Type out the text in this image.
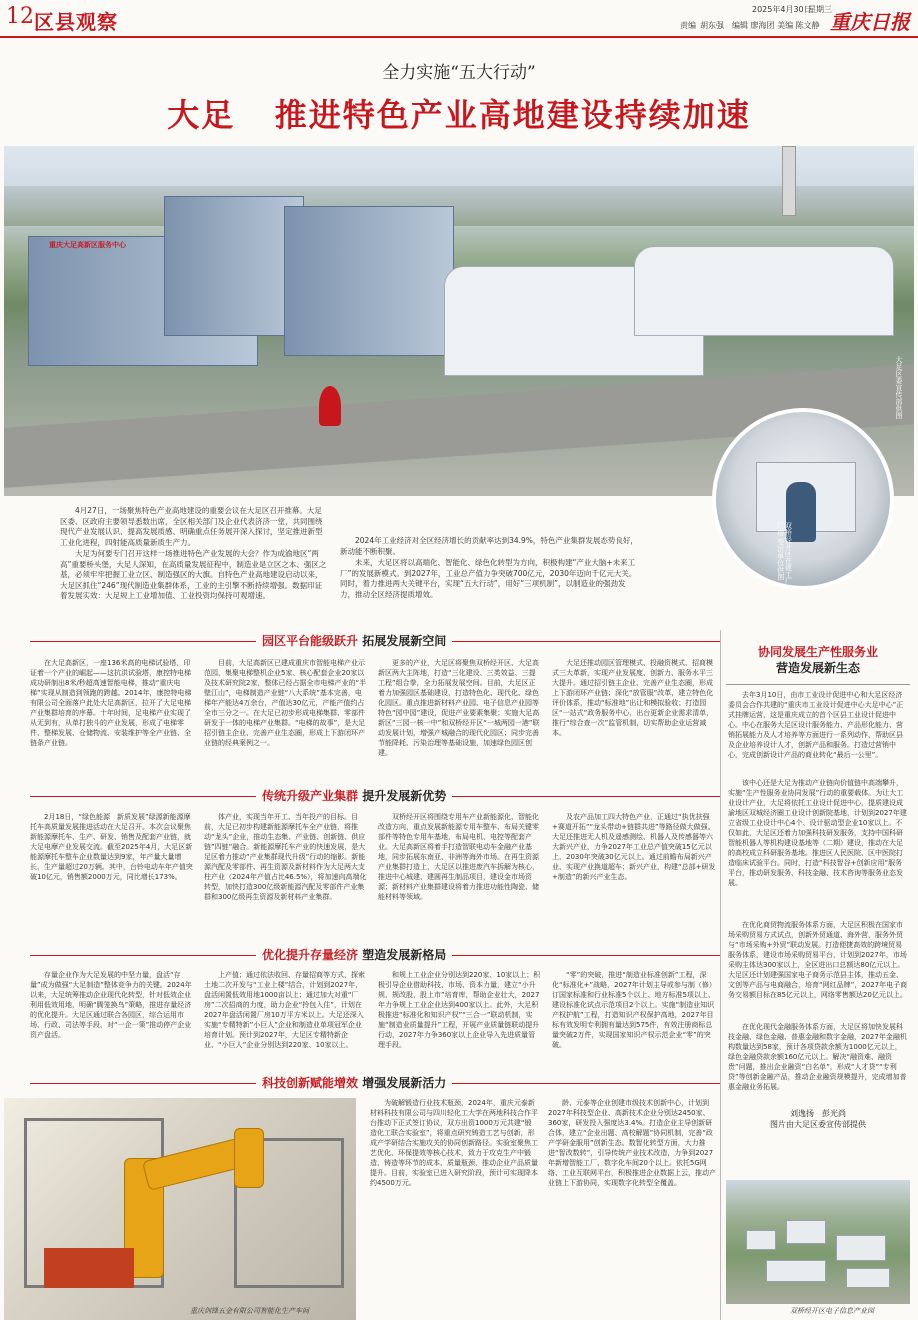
12 区县观察
2025年4月30日
星期三
责编 胡东强　编辑 廖海团 美编 陈文静 重庆日报
全力实施“五大行动”
大足 推进特色产业高地建设持续加速
重庆大足高新区服务中心
大足区委宣传部供图
双桥经开区在建工厂厂房 受访单位供图

4月27日，一场聚焦特色产业高地建设的重要会议在大足区召开推幕。大足区委、区政府主要领导悉数出席，全区相关部门及企业代表济济一堂，共同围绕现代产业发展认识、提高发展质感、明确重点任务展开深入探讨，坚定推进新型工业化进程，四射能高质量新质生产力。

大足为何要专门召开这样一场推进特色产业发展的大会？作为成渝地区“两高”重要桥头堡，大足人深知，在高质量发展征程中，制造业是立区之本、强区之基，必须牢牢把握工业立区、制造强区的大旗。自特色产业高地建设启动以来，大足区抓住“246”现代制造业集群体系，工业的主引擎不断持续增强。数据印证着发展实效：大足规上工业增加值、工业投资均保持可观增速。

2024年工业经济对全区经济增长的贡献率达到34.9%，特色产业集群发展态势良好，新动能不断积聚。

未来，大足区将以高端化、智能化、绿色化转型为方向，积极构建“产业大脑+未来工厂”的发展新模式。到2027年，工业总产值力争突破700亿元，2030年迈向千亿元大关。同时，着力推进两大关键平台，实现“五大行动”，用好“三项机制”，以制造业的强劲发力，推动全区经济提质增效。

园区平台能级跃升 拓展发展新空间

在大足高新区，一座136米高的电梯试验塔，印证着一个产业的崛起——这抗洪试验塔，康控特电梯成功研制出8米/秒超高速智能电梯，推动“重庆电梯”实现从制造到领跑的跨越。2014年，康控特电梯有限公司全面落户此处大足高新区，拉开了大足电梯产业集群培育的序幕。十年时间，足电梯产业实现了从无到有，从单打独斗的产业发展，形成了电梯零件、整梯发展、仓储物流、安装维护等全产业链、全链条产业链。

目前，大足高新区已建成重庆市智能电梯产业示范园，集聚电梯整机企业5家、核心配套企业20家以及技术研究院2家，整体已经占据全市电梯产业的“半壁江山”，电梯制造产业链“八大系统”基本完善，电梯年产能达4万余台，产值达30亿元，产能产值约占全市三分之一。在大足已初步形成电梯集群、零部件研发于一体的电梯产业集群。“电梯的故事”，是大足招引链主企业、完善产业生态圈，形成上下游闭环产业链的经典案例之一。

更多的产业，大足区将聚焦双桥经开区、大足高新区两大主阵地，打造“三化建设、三类效益、三提工程”组合拳，全力拓展发展空间。目前，大足区正着力加强园区基础建设，打造特色化、现代化、绿色化园区。重点推进新材料产业园、电子信息产业园等特色“园中园”建设，促进产业要素集聚；实施大足高新区“三园一核一中”和双桥经开区“一城两园一港”联动发展计划，增强产城融合的现代化园区；同步完善节能降耗、污染治理等基础设施，加速绿色园区创建。

大足还推动园区管理模式、投融资模式、招商模式三大革新，实现产业发展度、创新力、服务水平三大提升。通过招引链主企业、完善产业生态圈，形成上下游闭环产业链；深化“放管服”改革，建立特色化评价体系，推动“标准地”出让和模拟验收；打造园区“一站式”政务服务中心，出台更新企业需求清单，推行“综合查一次”监管机制，切实帮助企业运营减本。

传统升级产业集群 提升发展新优势

2月18日，“绿色能源　新质发展”绿源新能源摩托车高质量发展推进活动在大足召开。本次会议聚焦新能源摩托车、生产、研发、销售及配套产业链，就大足电摩产业发展交流。截至2025年4月，大足区新能源摩托车整车企业数量达到9家，年产量大量增长，生产量超过20万辆。其中，台铃电动车年产值突破10亿元，销售额2000万元，同比增长173%。

体产业，实现当年开工、当年投产的目标。目前，大足已初步构建新能源摩托车全产业链，将推动“龙头“企业，推动生态集、产业链、创新链、供应链”四链”融合。新能源摩托车产业的快速发展，是大足区着力推动“产业集群现代升级”行动的缩影。新能源汽配及零部件、再生资源及新材料作为大足两大支柱产业（2024年产值占比46.5%），将加速向高端化转型，加快打造300亿级新能源汽配及零部件产业集群和300亿级再生资源及新材料产业集群。

双桥经开区将围绕专用车产业新能源化、智能化改造方向，重点发展新能源专用车整车、布局关键零部件等特色专用车基地，布局电机、电控等配套产业。大足高新区将着手打造智联电动车金融产业基地，同步拓展东南亚、非洲等海外市场。在再生资源产业集群打造上，大足区以推进废汽车拆解为核心，推进中心城建、建圆再生制品项目，建设金市场资源；新材料产业集群建设将着力推进功能性陶瓷、储能材料等领域。

及农产品加工四大特色产业，正通过“执优扶强+赛道开拓”“龙头带动+链群共进”等路径做大做强。大足还推进无人机及遥感测绘、机器人及传感器等六大新兴产业，力争2027年工业总产值突破15亿元以上，2030年突破30亿元以上。通过前瞻布局新兴产业、实现产业换道超车；新兴产业，构建“总部+研发+制造”的新兴产业生态。

优化提升存量经济 塑造发展新格局

存量企业作为大足发展的中坚力量，盘活“存量”成为做强“大足制造”整体竞争力的关键。2024年以来，大足统筹推动企业现代化转型，针对低效企业利用低效用地，明确“腾笼换鸟”策略，推进存量经济的优化提升。大足区通过联合各园区，综合运用市场、行政、司法等手段，对“一企一策”推动停产企业资产盘活。

上产值；通过依法收回、存量招商等方式，探索土地二次开发与“工业上楼”结合，计划到2027年，盘活闲置低效用地1000亩以上；通过加大对重“厂房”二次招商的力度，助力企业“拎包入住”，计划在2027年盘活闲置厂房10万平方米以上。大足还深入实施“专精特新”小巨人”企业和制造业单项冠军企业培育计划。预计到2027年，大足区专精特新企业、“小巨人”企业分别达到220家、10家以上。

和规上工业企业分别达到220家、10家以上；积极引导企业借助科技、市场、资本力量，建立“小升规、规改股、股上市”培育库，帮助企业壮大，2027年力争规上工业企业达到400家以上。此外，大足积极推进“标准化和知识产权”“三合一”联动机制，实施“制造业质量提升”工程，开展产业质量链联动提升行动，2027年力争360家以上企业导入先进质量管理手段。

“零”的突破，推进“制造业标准创新”工程，深化“标准化+”战略，2027年计划主导或参与制（修）订国家标准和行业标准5个以上、地方标准5项以上、建设标准化试点示范项目2个以上。实施“制造业知识产权护航”工程，打造知识产权保护高地，2027年目标有效发明专利拥有量达到575件，有效注册商标总量突破2万件，实现国家知识产权示范企业“零”的突破。

科技创新赋能增效 增强发展新活力

为破解锻造行业技术瓶颈，2024年，重庆元泰新材料科技有限公司与四川轻化工大学在两地科技合作平台推动下正式签订协议，双方出资1000万元共建“锻造化工联合实验室”，将重点研究铸造工艺与创新，形成产学研结合实施攻关的协同创新路径。实验室聚焦工艺优化、环保提效等核心技术，致力于攻克生产中锻造、铸造等环节的成本、质量瓶颈，推动企业产品质量提升。目前，实验室已进入研究阶段，预计可实现降本约4500万元。

龄、元泰等企业创建市级技术创新中心，计划到2027年科技型企业、高新技术企业分别达2450家、360家，研发投入强度达3.4%。打造企业主导创新研合体，建立“企业出题、高校解题”协同机制，完善“政产学研金服用”创新生态。数智化转型方面，大力推进“智改数转”，引导传统产业技术改造，力争到2027年新增智能工厂、数字化车间20个以上。依托5G网络、工业互联网平台，积极推进企业数据上云，推动产业链上下游协同，实现数字化转型全覆盖。

重庆剑锋五金有限公司智能化生产车间
协同发展生产性服务业
营造发展新生态

去年3月10日，由市工业设计促进中心和大足区经济委员会合作共建的“重庆市工业设计促进中心大足中心”正式挂牌运营，这是重庆成立的首个区县工业设计促进中心。中心在服务大足区设计服务能力、产品形化能力、营销拓展能力及人才培养等方面进行一系列动作，帮助区县及企业培养设计人才，创新产品和服务。打造过营销中心，完成创新设计产品的商业转化“最后一公里”。

该中心还是大足为推动产业链向价值链中高端攀升，实施“生产性服务业协同发展”行动的重要载体。为让大工业设计产业，大足将依托工业设计促进中心，提质建设成渝地区双城经济圈工业设计创新院基地，计划到2027年建立省级工业设计中心4个、设计驱动型企业10家以上。不仅如此，大足区还着力加强科技研发服务，支持中国科研智能机器人等机构建设基地等（二期）建设，推动在大足的高校成立科研服务基地。推进区人民医院、区中医院打造临床试验平台。同时，打造“科技智谷+创新应用”服务平台，推动研发服务、科技金融、技术咨询等服务业态发展。

在优化商贸物流服务体系方面，大足区积极在国家市场采购贸易方式试点，创新外贸通道、海外营，服务外贸与“市场采购+外贸”联动发展。打造便捷高效的跨境贸易服务体系，建设市场采购贸易平台，计划到2027年，市场采购主体达300家以上，全区进出口总额达80亿元以上。大足区还计划建强国家电子商务示范县主体，推动五金、文创等产品与电商融合，培育“网红品牌”，2027年电子商务交易额目标在85亿元以上，网络零售额达20亿元以上。

在优化现代金融服务体系方面，大足区将加快发展科技金融、绿色金融、普惠金融和数字金融，2027年金融机构数量达到58家，预计各项贷款余额为1000亿元以上，绿色金融贷款余额160亿元以上。解决“融资难、融资贵”问题，推出企业融资“白名单”，形成“人才贷”“专利贷”等创新金融产品，推动企业融资规模提升，完成增加普惠金融业务拓展。

刘逸扬　彭光尚
图片由大足区委宣传部提供
双桥经开区电子信息产业园
